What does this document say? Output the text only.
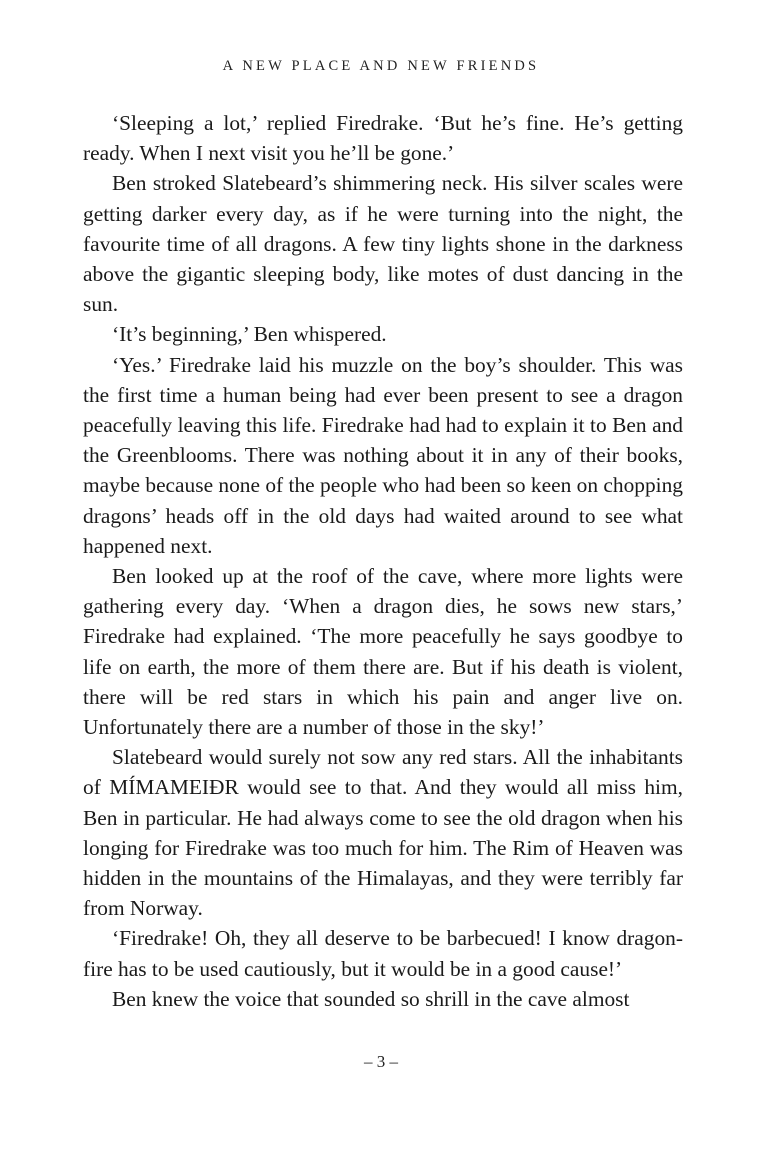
A NEW PLACE AND NEW FRIENDS

‘Sleeping a lot,’ replied Firedrake. ‘But he’s fine. He’s getting ready. When I next visit you he’ll be gone.’

Ben stroked Slatebeard’s shimmering neck. His silver scales were getting darker every day, as if he were turning into the night, the favourite time of all dragons. A few tiny lights shone in the darkness above the gigantic sleeping body, like motes of dust dancing in the sun.

‘It’s beginning,’ Ben whispered.

‘Yes.’ Firedrake laid his muzzle on the boy’s shoulder. This was the first time a human being had ever been present to see a dragon peacefully leaving this life. Firedrake had had to explain it to Ben and the Greenblooms. There was nothing about it in any of their books, maybe because none of the people who had been so keen on chopping dragons’ heads off in the old days had waited around to see what happened next.

Ben looked up at the roof of the cave, where more lights were gathering every day. ‘When a dragon dies, he sows new stars,’ Firedrake had explained. ‘The more peacefully he says goodbye to life on earth, the more of them there are. But if his death is violent, there will be red stars in which his pain and anger live on. Unfortunately there are a number of those in the sky!’

Slatebeard would surely not sow any red stars. All the inhabitants of MÍMAMEIÐR would see to that. And they would all miss him, Ben in particular. He had always come to see the old dragon when his longing for Firedrake was too much for him. The Rim of Heaven was hidden in the mountains of the Himalayas, and they were terribly far from Norway.

‘Firedrake! Oh, they all deserve to be barbecued! I know dragon-fire has to be used cautiously, but it would be in a good cause!’

Ben knew the voice that sounded so shrill in the cave almost

– 3 –
